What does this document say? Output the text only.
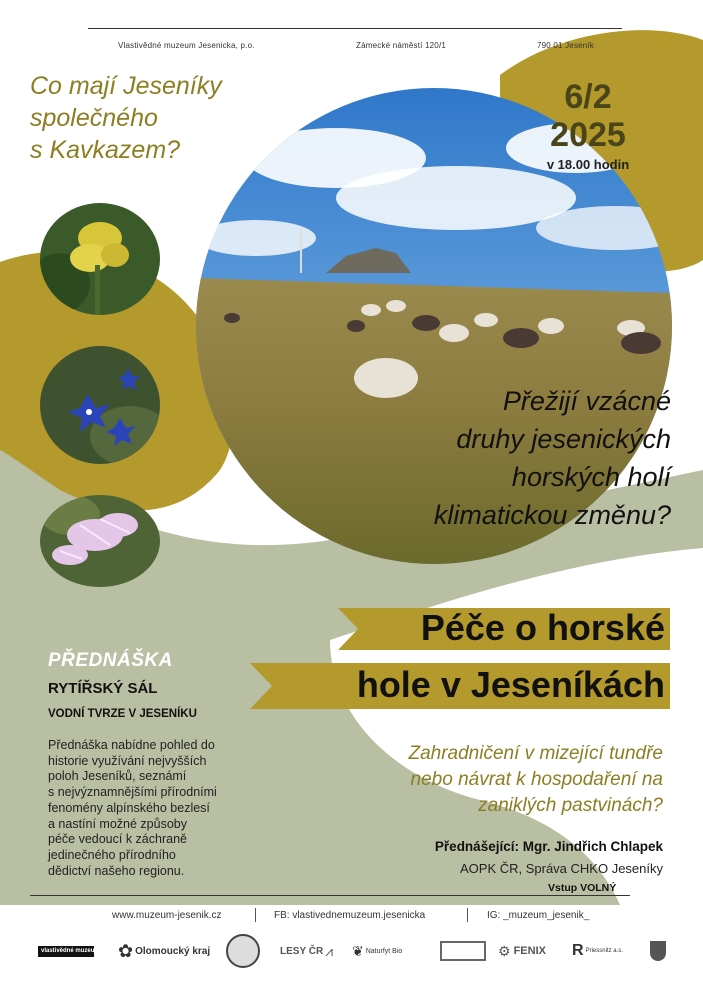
Vlastivědné muzeum Jesenicka, p.o.	Zámecké náměstí 120/1	790 01 Jeseník
Co mají Jeseníky
společného
s Kavkazem?
6/2
2025
v 18.00 hodin
Přežijí vzácné
druhy jesenických
horských holí
klimatickou změnu?
Péče o horské
hole v Jeseníkách
PŘEDNÁŠKA
RYTÍŘSKÝ SÁL
VODNÍ TVRZE V JESENÍKU
Přednáška nabídne pohled do
historie využívání nejvyšších
poloh Jeseníků, seznámí
s nejvýznamnějšími přírodními
fenomény alpínského bezlesí
a nastíní možné způsoby
péče vedoucí k záchraně
jedinečného přírodního
dědictví našeho regionu.
Zahradničení v mizející tundře
nebo návrat k hospodaření na
zaniklých pastvinách?
Přednášející: Mgr. Jindřich Chlapek
AOPK ČR, Správa CHKO Jeseníky
Vstup VOLNÝ
www.muzeum-jesenik.cz	FB: vlastivednemuzeum.jesenicka	IG: _muzeum_jesenik_
vlastivědné muzeum jesenicka
✿ Olomoucký kraj	LESY ČR ⩘ ❦ Naturfyt Bio	⚙ FENIX R Priessnitz a.s.
